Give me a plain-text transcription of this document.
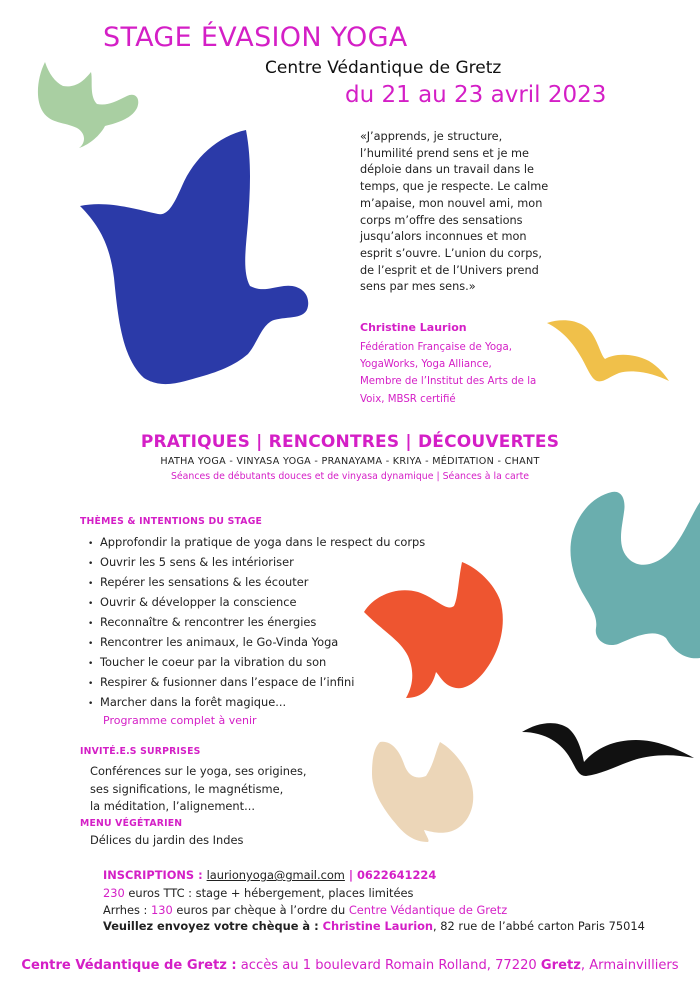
STAGE ÉVASION YOGA
Centre Védantique de Gretz
du 21 au 23 avril 2023
«J’apprends, je structure, l’humilité prend sens et je me déploie dans un travail dans le temps, que je respecte. Le calme m’apaise, mon nouvel ami, mon corps m’offre des sensations jusqu’alors inconnues et mon esprit s’ouvre. L’union du corps, de l’esprit et de l’Univers prend sens par mes sens.»
Christine Laurion
Fédération Française de Yoga,
YogaWorks, Yoga Alliance,
Membre de l’Institut des Arts de la
Voix, MBSR certifié
PRATIQUES | RENCONTRES | DÉCOUVERTES
HATHA YOGA - VINYASA YOGA - PRANAYAMA - KRIYA - MÉDITATION - CHANT
Séances de débutants douces et de vinyasa dynamique | Séances à la carte
THÈMES & INTENTIONS DU STAGE
• Approfondir la pratique de yoga dans le respect du corps
• Ouvrir les 5 sens & les intérioriser
• Repérer les sensations & les écouter
• Ouvrir & développer la conscience
• Reconnaître & rencontrer les énergies
• Rencontrer les animaux, le Go-Vinda Yoga
• Toucher le coeur par la vibration du son
• Respirer & fusionner dans l’espace de l’infini
• Marcher dans la forêt magique...
Programme complet à venir
INVITÉ.E.S SURPRISES
Conférences sur le yoga, ses origines,
ses significations, le magnétisme,
la méditation, l’alignement...
MENU VÉGÉTARIEN
Délices du jardin des Indes
INSCRIPTIONS : laurionyoga@gmail.com | 0622641224
230 euros TTC : stage + hébergement, places limitées
Arrhes : 130 euros par chèque à l’ordre du Centre Védantique de Gretz
Veuillez envoyez votre chèque à : Christine Laurion, 82 rue de l’abbé carton Paris 75014
Centre Védantique de Gretz : accès au 1 boulevard Romain Rolland, 77220 Gretz, Armainvilliers
